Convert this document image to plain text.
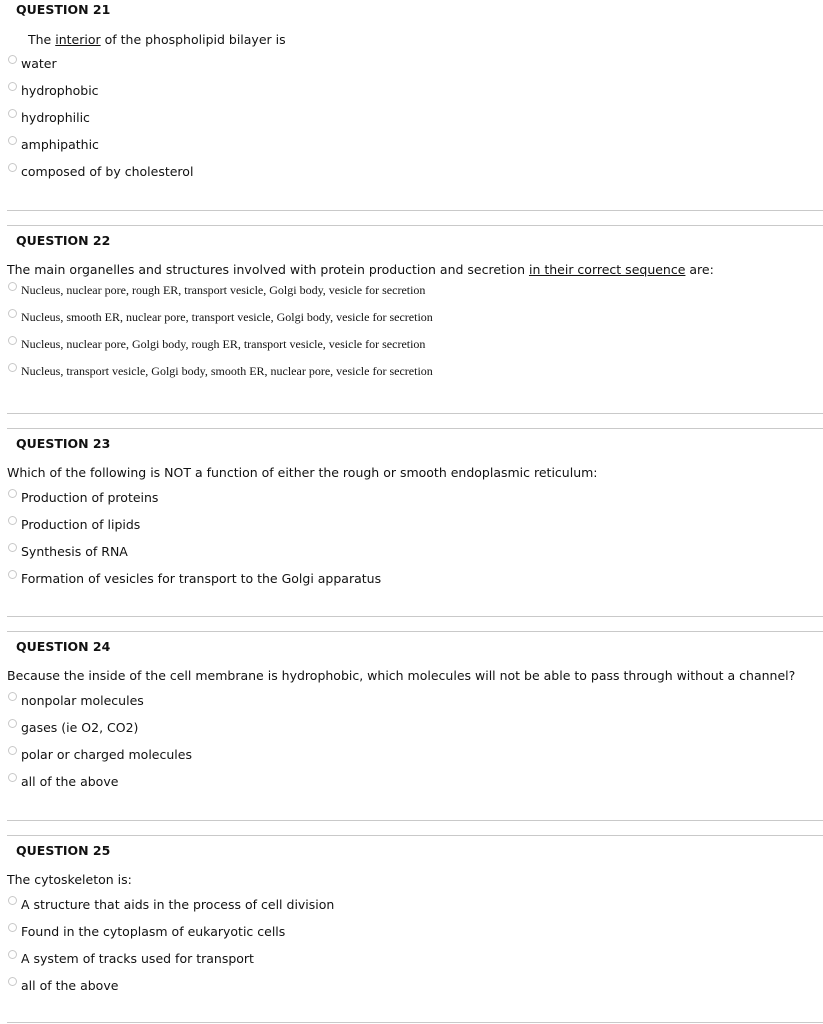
QUESTION 21
The interior of the phospholipid bilayer is
water
hydrophobic
hydrophilic
amphipathic
composed of by cholesterol
QUESTION 22
The main organelles and structures involved with protein production and secretion in their correct sequence are:
Nucleus, nuclear pore, rough ER, transport vesicle, Golgi body, vesicle for secretion
Nucleus, smooth ER, nuclear pore, transport vesicle, Golgi body, vesicle for secretion
Nucleus, nuclear pore, Golgi body, rough ER, transport vesicle, vesicle for secretion
Nucleus, transport vesicle, Golgi body, smooth ER, nuclear pore, vesicle for secretion
QUESTION 23
Which of the following is NOT a function of either the rough or smooth endoplasmic reticulum:
Production of proteins
Production of lipids
Synthesis of RNA
Formation of vesicles for transport to the Golgi apparatus
QUESTION 24
Because the inside of the cell membrane is hydrophobic, which molecules will not be able to pass through without a channel?
nonpolar molecules
gases (ie O2, CO2)
polar or charged molecules
all of the above
QUESTION 25
The cytoskeleton is:
A structure that aids in the process of cell division
Found in the cytoplasm of eukaryotic cells
A system of tracks used for transport
all of the above
